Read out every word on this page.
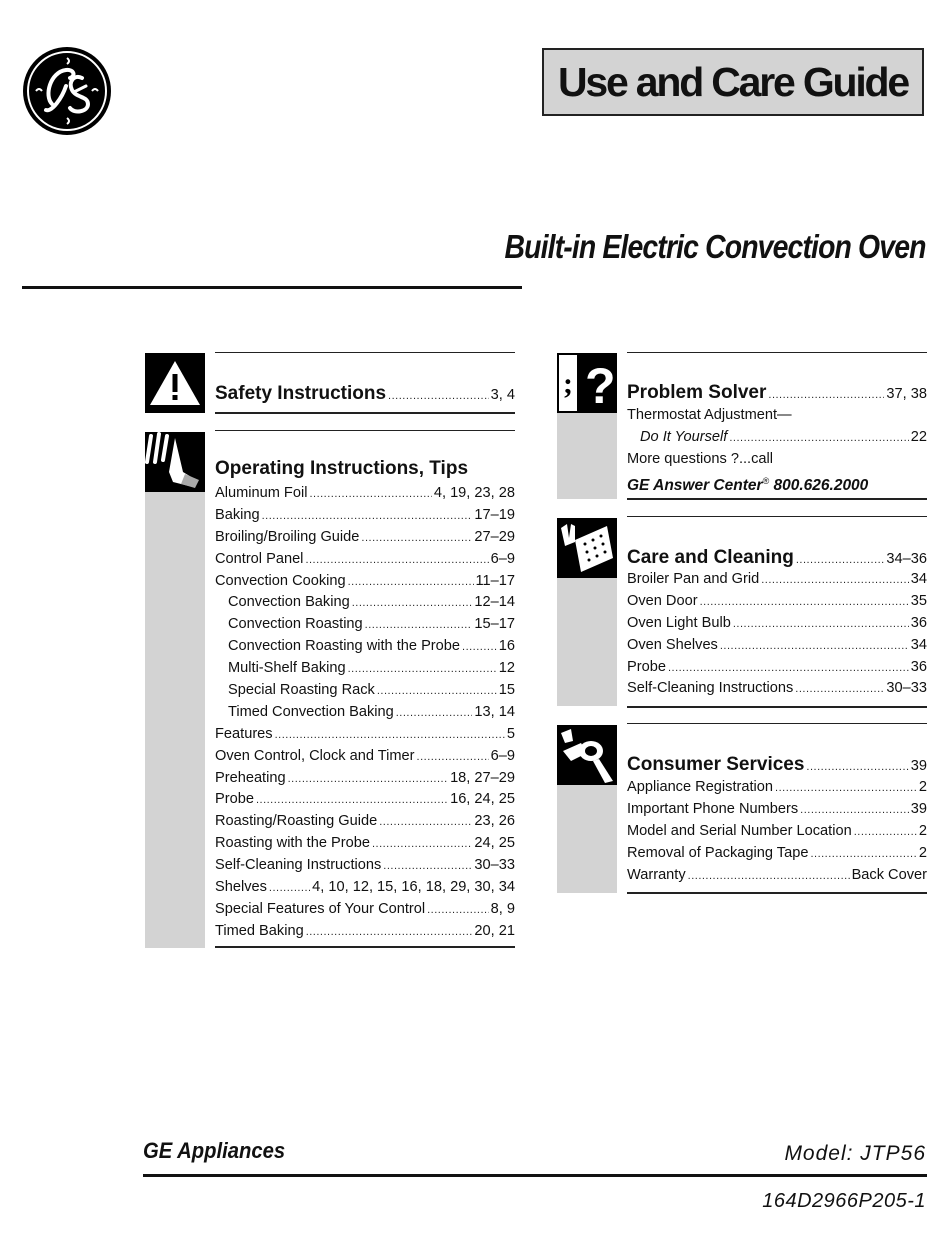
Use and Care Guide
Built-in Electric Convection Oven
Safety Instructions .....	3, 4
Operating Instructions, Tips
Aluminum Foil .....	4, 19, 23, 28
Baking .....	17–19
Broiling/Broiling Guide .....	27–29
Control Panel .....	6–9
Convection Cooking .....	11–17
Convection Baking .....	12–14
Convection Roasting .....	15–17
Convection Roasting with the Probe .....	16
Multi-Shelf Baking .....	12
Special Roasting Rack .....	15
Timed Convection Baking .....	13, 14
Features .....	5
Oven Control, Clock and Timer .....	6–9
Preheating .....	18, 27–29
Probe .....	16, 24, 25
Roasting/Roasting Guide .....	23, 26
Roasting with the Probe .....	24, 25
Self-Cleaning Instructions .....	30–33
Shelves .....	4, 10, 12, 15, 16, 18, 29, 30, 34
Special Features of Your Control .....	8, 9
Timed Baking .....	20, 21
; ? Problem Solver .....	37, 38
Thermostat Adjustment—
Do It Yourself .....	22
More questions ?...call
GE Answer Center® 800.626.2000
Care and Cleaning .....	34–36
Broiler Pan and Grid .....	34
Oven Door .....	35
Oven Light Bulb .....	36
Oven Shelves .....	34
Probe .....	36
Self-Cleaning Instructions .....	30–33
Consumer Services .....	39
Appliance Registration .....	2
Important Phone Numbers .....	39
Model and Serial Number Location .....	2
Removal of Packaging Tape .....	2
Warranty .....	Back Cover
GE Appliances	Model: JTP56
164D2966P205-1
